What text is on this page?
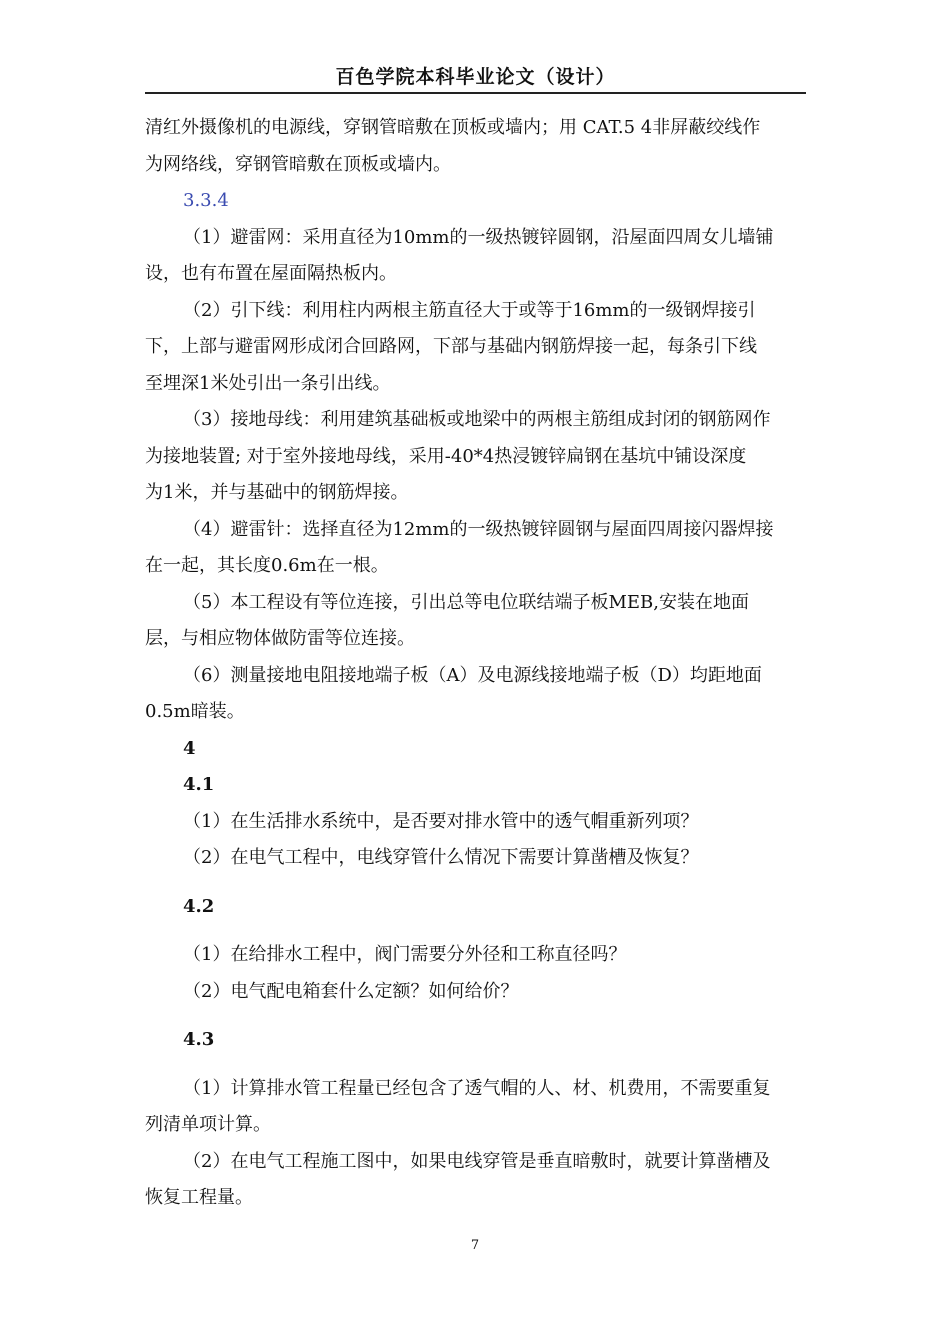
百色学院本科毕业论文（设计）
清红外摄像机的电源线，穿钢管暗敷在顶板或墙内；用 CAT.5 4非屏蔽绞线作
为网络线，穿钢管暗敷在顶板或墙内。
3.3.4
（1）避雷网：采用直径为10mm的一级热镀锌圆钢，沿屋面四周女儿墙铺
设，也有布置在屋面隔热板内。
（2）引下线：利用柱内两根主筋直径大于或等于16mm的一级钢焊接引
下，上部与避雷网形成闭合回路网，下部与基础内钢筋焊接一起，每条引下线
至埋深1米处引出一条引出线。
（3）接地母线：利用建筑基础板或地梁中的两根主筋组成封闭的钢筋网作
为接地装置; 对于室外接地母线，采用-40*4热浸镀锌扁钢在基坑中铺设深度
为1米，并与基础中的钢筋焊接。
（4）避雷针：选择直径为12mm的一级热镀锌圆钢与屋面四周接闪器焊接
在一起，其长度0.6m在一根。
（5）本工程设有等位连接，引出总等电位联结端子板MEB,安装在地面
层，与相应物体做防雷等位连接。
（6）测量接地电阻接地端子板（A）及电源线接地端子板（D）均距地面
0.5m暗装。
4
4.1
（1）在生活排水系统中，是否要对排水管中的透气帽重新列项？
（2）在电气工程中，电线穿管什么情况下需要计算凿槽及恢复？
4.2
（1）在给排水工程中，阀门需要分外径和工称直径吗？
（2）电气配电箱套什么定额？如何给价？
4.3
（1）计算排水管工程量已经包含了透气帽的人、材、机费用，不需要重复
列清单项计算。
（2）在电气工程施工图中，如果电线穿管是垂直暗敷时，就要计算凿槽及
恢复工程量。
7
